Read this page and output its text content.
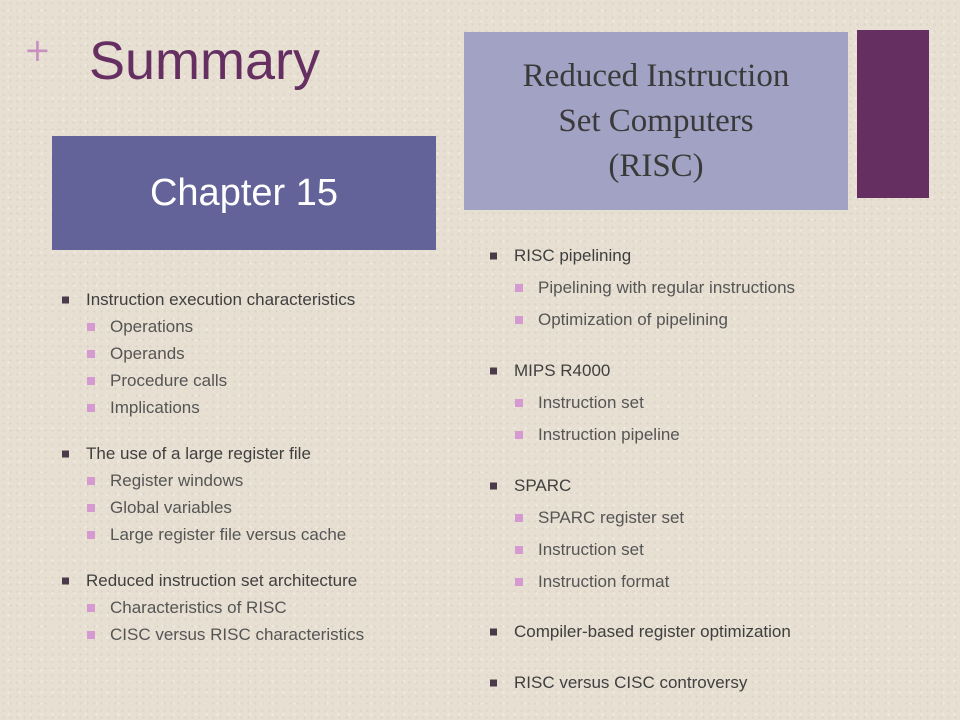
+ Summary
Chapter 15
Reduced Instruction
Set Computers
(RISC)
Instruction execution characteristics
Operations
Operands
Procedure calls
Implications
The use of a large register file
Register windows
Global variables
Large register file versus cache
Reduced instruction set architecture
Characteristics of RISC
CISC versus RISC characteristics
RISC pipelining
Pipelining with regular instructions
Optimization of pipelining
MIPS R4000
Instruction set
Instruction pipeline
SPARC
SPARC register set
Instruction set
Instruction format
Compiler-based register optimization
RISC versus CISC controversy
